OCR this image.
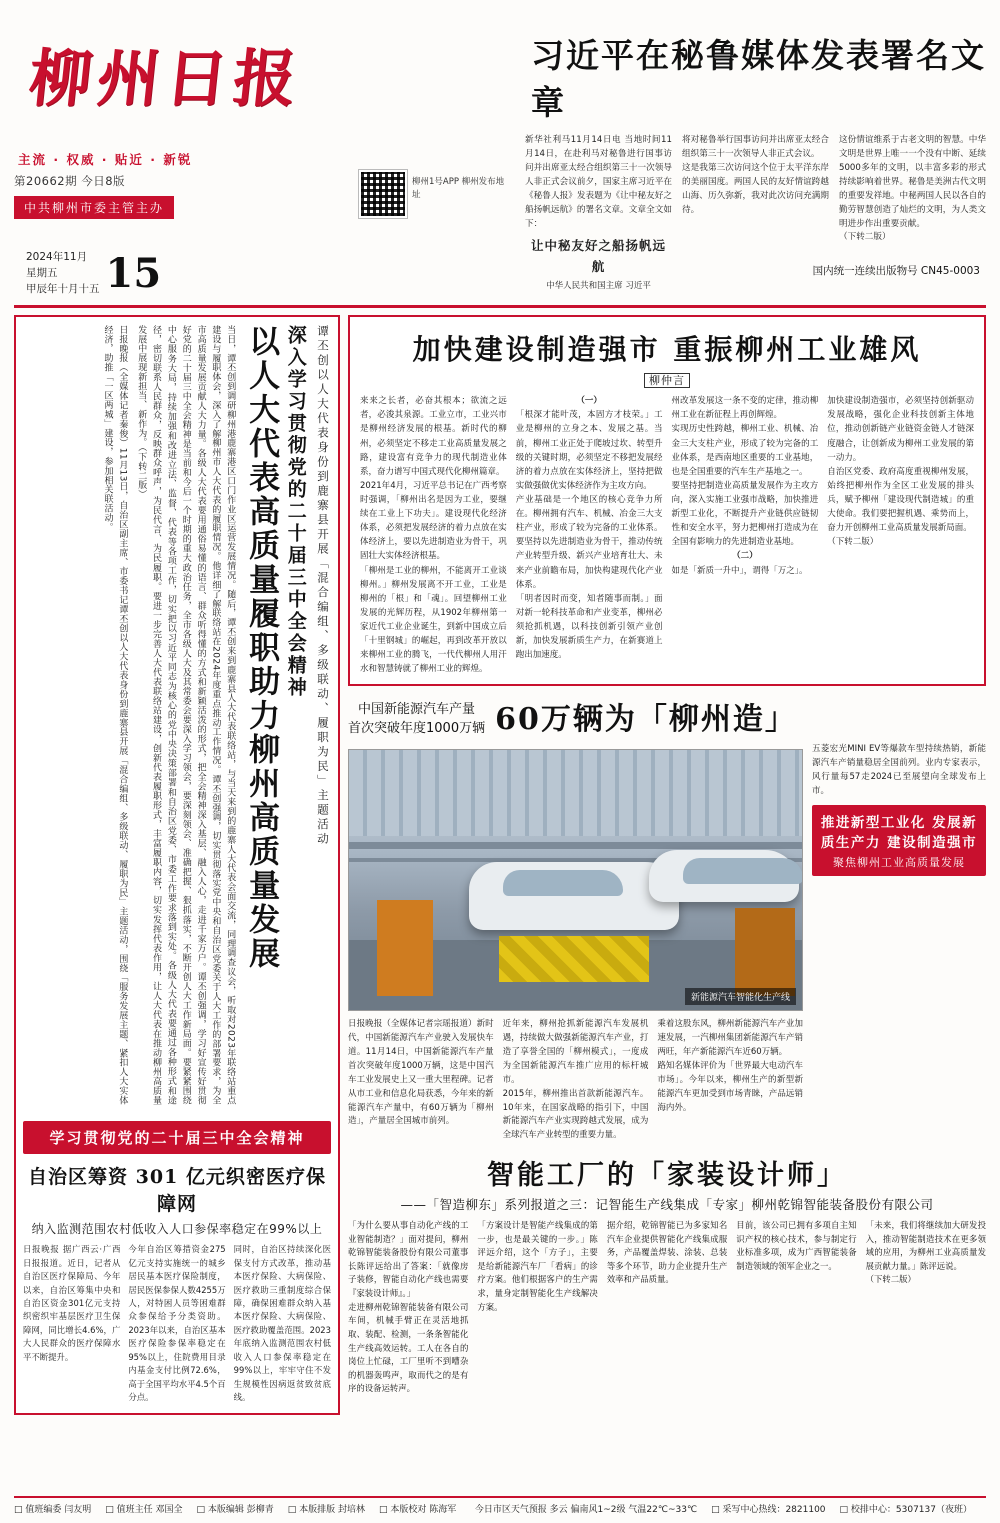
柳州日报
主流 · 权威 · 贴近 · 新锐
第20662期 今日8版
中共柳州市委主管主办
柳州1号APP 柳州发布地址
习近平在秘鲁媒体发表署名文章
新华社利马11月14日电 当地时间11月14日，在赴利马对秘鲁进行国事访问并出席亚太经合组织第三十一次领导人非正式会议前夕，国家主席习近平在《秘鲁人报》发表题为《让中秘友好之船扬帆远航》的署名文章。文章全文如下：
让中秘友好之船扬帆远航
中华人民共和国主席 习近平
将对秘鲁举行国事访问并出席亚太经合组织第三十一次领导人非正式会议。
这是我第三次访问这个位于太平洋东岸的美丽国度。两国人民的友好情谊跨越山海、历久弥新，我对此次访问充满期待。
这份情谊维系于古老文明的智慧。中华文明是世界上唯一一个没有中断、延续5000多年的文明，以丰富多彩的形式持续影响着世界。秘鲁是美洲古代文明的重要发祥地。中秘两国人民以各自的勤劳智慧创造了灿烂的文明，为人类文明进步作出重要贡献。
（下转二版）
2024年11月
星期五
甲辰年十月十五 15	国内统一连续出版物号 CN45-0003
谭丕创以人大代表身份到鹿寨县开展「混合编组、多级联动、履职为民」主题活动
深入学习贯彻党的二十届三中全会精神
以人大代表高质量履职助力柳州高质量发展
当日，谭丕创到调研柳州港鹿寨港区口门作业区运营发展情况。随后，谭丕创来到鹿寨县人大代表联络站，与当天来到的鹿寨人大代表会面交流，同理调查议会，听取对2023年联络站重点建设与履职体会，深入了解柳州市人大代表的履职情况。他详细了解联络站在2024年度重点推动工作情况。谭丕创强调，切实贯彻落实党中央和自治区党委关于人大工作的部署要求，为全市高质量发展贡献人大力量。各级人大代表要用通俗易懂的语言、群众听得懂的方式和新颖活泼的形式，把全会精神深入基层、融入人心，走进千家万户。谭丕创强调，学习好宣传好贯彻好党的二十届三中全会精神是当前和今后一个时期的重大政治任务，全市各级人大及其常委会要深入学习领会，要深刻领会、准确把握、狠抓落实，不断开创人大工作新局面。要紧紧围绕中心服务大局，持续加强和改进立法、监督、代表等各项工作，切实把以习近平同志为核心的党中央决策部署和自治区党委、市委工作要求落到实处。各级人大代表要通过各种形式和途径，密切联系人民群众，反映群众呼声，为民代言、为民履职。要进一步完善人大代表联络站建设，创新代表履职形式，丰富履职内容，切实发挥代表作用，让人大代表在推动柳州高质量发展中展现新担当、新作为。（下转二版）
日报晚报（全媒体记者秦俊）11月13日，自治区副主席、市委书记谭丕创以人大代表身份到鹿寨县开展「混合编组、多级联动、履职为民」主题活动，围绕「服务发展主题、紧扣人大实体经济，助推「一区两城」建设，参加相关联活动。
学习贯彻党的二十届三中全会精神
自治区筹资 301 亿元织密医疗保障网
纳入监测范围农村低收入人口参保率稳定在99%以上
日报晚报 据广西云·广西日报报道。近日，记者从自治区医疗保障局、今年以来，自治区筹集中央和自治区资金301亿元支持织密织牢基层医疗卫生保障网，同比增长4.6%，广大人民群众的医疗保障水平不断提升。
今年自治区筹措资金275亿元支持实施统一的城乡居民基本医疗保险制度，居民医保参保人数4255万人，对特困人员等困难群众参保给予分类资助。2023年以来，自治区基本医疗保险参保率稳定在95%以上，住院费用目录内基金支付比例72.6%，高于全国平均水平4.5个百分点。
同时，自治区持续深化医保支付方式改革，推动基本医疗保险、大病保险、医疗救助三重制度综合保障，确保困难群众纳入基本医疗保险、大病保险、医疗救助覆盖范围。2023年底纳入监测范围农村低收入人口参保率稳定在99%以上，牢牢守住不发生规模性因病返贫致贫底线。
加快建设制造强市 重振柳州工业雄风
柳仲言
来来之长者，必奋其根本；欲流之远者，必浚其泉源。工业立市，工业兴市是柳州经济发展的根基。新时代的柳州，必须坚定不移走工业高质量发展之路，建设富有竞争力的现代制造业体系，奋力谱写中国式现代化柳州篇章。
2021年4月，习近平总书记在广西考察时强调，「柳州出名是因为工业，要继续在工业上下功夫」。建设现代化经济体系，必须把发展经济的着力点放在实体经济上，要以先进制造业为骨干，巩固壮大实体经济根基。
「柳州是工业的柳州，不能离开工业谈柳州。」柳州发展离不开工业，工业是柳州的「根」和「魂」。回望柳州工业发展的光辉历程，从1902年柳州第一家近代工业企业诞生，到新中国成立后「十里钢城」的崛起，再到改革开放以来柳州工业的腾飞，一代代柳州人用汗水和智慧铸就了柳州工业的辉煌。
（一）
「根深才能叶茂，本固方才枝荣。」工业是柳州的立身之本、发展之基。当前，柳州工业正处于爬坡过坎、转型升级的关键时期，必须坚定不移把发展经济的着力点放在实体经济上，坚持把做实做强做优实体经济作为主攻方向。
产业基础是一个地区的核心竞争力所在。柳州拥有汽车、机械、冶金三大支柱产业，形成了较为完备的工业体系。要坚持以先进制造业为骨干，推动传统产业转型升级、新兴产业培育壮大、未来产业前瞻布局，加快构建现代化产业体系。
「明者因时而变，知者随事而制。」面对新一轮科技革命和产业变革，柳州必须抢抓机遇，以科技创新引领产业创新，加快发展新质生产力，在新赛道上跑出加速度。
州改革发展这一条不变的定律，推动柳州工业在新征程上再创辉煌。
实现历史性跨越，柳州工业、机械、冶金三大支柱产业，形成了较为完备的工业体系，是西南地区重要的工业基地，也是全国重要的汽车生产基地之一。
要坚持把制造业高质量发展作为主攻方向，深入实施工业强市战略，加快推进新型工业化，不断提升产业链供应链韧性和安全水平，努力把柳州打造成为在全国有影响力的先进制造业基地。
（二）
如是「新质一升中」，谓得「万之」。
加快建设制造强市，必须坚持创新驱动发展战略，强化企业科技创新主体地位，推动创新链产业链资金链人才链深度融合，让创新成为柳州工业发展的第一动力。
自治区党委、政府高度重视柳州发展，始终把柳州作为全区工业发展的排头兵，赋予柳州「建设现代制造城」的重大使命。我们要把握机遇、乘势而上，奋力开创柳州工业高质量发展新局面。
（下转二版）
中国新能源汽车产量
首次突破年度1000万辆 60万辆为「柳州造」
新能源汽车智能化生产线
日报晚报（全媒体记者宗瑶报道）新时代，中国新能源汽车产业驶入发展快车道。11月14日，中国新能源汽车产量首次突破年度1000万辆，这是中国汽车工业发展史上又一重大里程碑。记者从市工业和信息化局获悉，今年来的新能源汽车产量中，有60万辆为「柳州造」，产量居全国城市前列。
近年来，柳州抢抓新能源汽车发展机遇，持续做大做强新能源汽车产业，打造了享誉全国的「柳州模式」，一度成为全国新能源汽车推广应用的标杆城市。
2015年，柳州推出首款新能源汽车。10年来，在国家战略的指引下，中国新能源汽车产业实现跨越式发展，成为全球汽车产业转型的重要力量。
乘着这股东风，柳州新能源汽车产业加速发展，一汽柳州集团新能源汽车产销两旺，年产新能源汽车近60万辆。
路知名媒体评价为「世界最大电动汽车市场」。今年以来，柳州生产的新型新能源汽车更加受到市场青睐，产品远销海内外。
五菱宏光MINI EV等爆款车型持续热销，新能源汽车产销量稳居全国前列。业内专家表示，风行量每57走2024已至展望向全球发布上市。
推进新型工业化 发展新质生产力 建设制造强市
聚焦柳州工业高质量发展
智能工厂的「家装设计师」
——「智造柳东」系列报道之三：记智能生产线集成「专家」柳州乾锦智能装备股份有限公司
「为什么要从事自动化产线的工业智能制造？」面对提问，柳州乾锦智能装备股份有限公司董事长陈评远给出了答案：「就像房子装修，智能自动化产线也需要『家装设计师』。」
走进柳州乾锦智能装备有限公司车间，机械手臂正在灵活地抓取、装配、检测，一条条智能化生产线高效运转。工人在各自的岗位上忙碌，工厂里听不到嘈杂的机器轰鸣声，取而代之的是有序的设备运转声。
「方案设计是智能产线集成的第一步，也是最关键的一步。」陈评远介绍，这个「方子」，主要是给新能源汽车厂「看病」的诊疗方案。他们根据客户的生产需求，量身定制智能化生产线解决方案。
据介绍，乾锦智能已为多家知名汽车企业提供智能化产线集成服务，产品覆盖焊装、涂装、总装等多个环节，助力企业提升生产效率和产品质量。
目前，该公司已拥有多项自主知识产权的核心技术，参与制定行业标准多项，成为广西智能装备制造领域的领军企业之一。
「未来，我们将继续加大研发投入，推动智能制造技术在更多领域的应用，为柳州工业高质量发展贡献力量。」陈评远说。
（下转二版）
□ 值班编委 闫友明	□ 值班主任 邓国全	□ 本版编辑 彭柳青	□ 本版排版 封培林	□ 本版校对 陈海军 今日市区天气预报 多云 偏南风1~2级 气温22℃~33℃	□ 采写中心热线：2821100	□ 校排中心：5307137（夜班）
